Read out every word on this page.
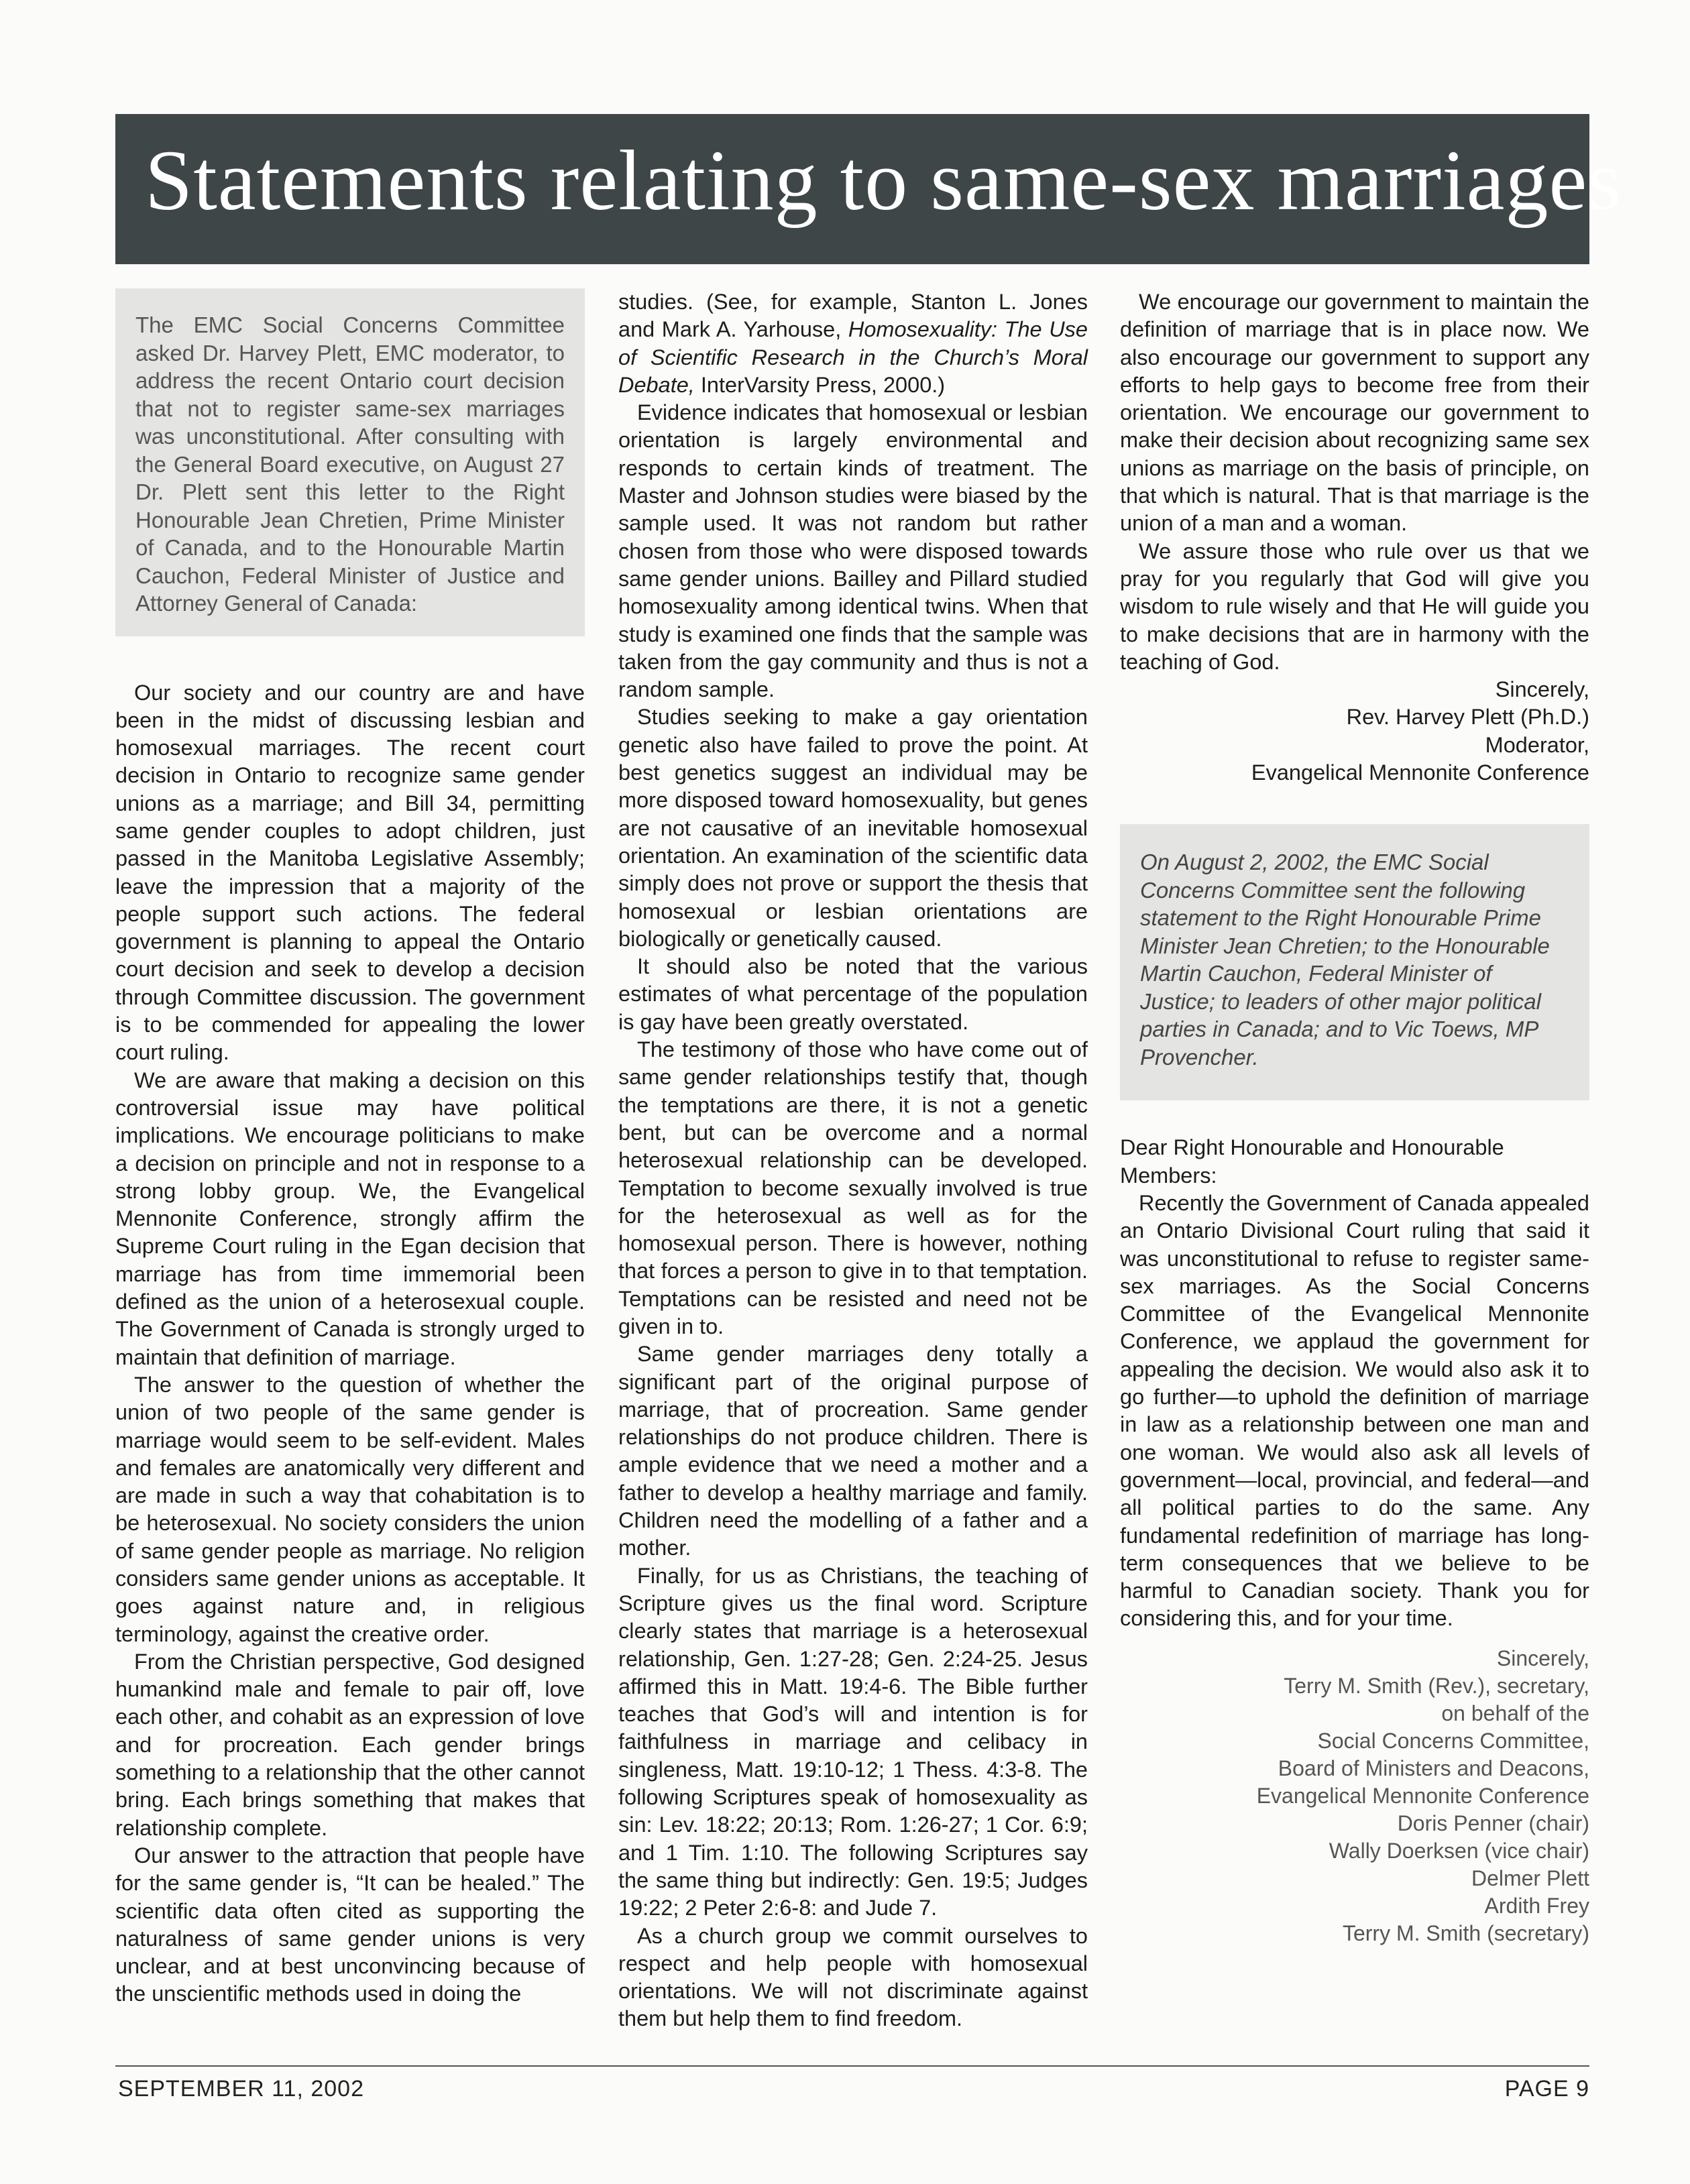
Statements relating to same-sex marriages

The EMC Social Concerns Committee asked Dr. Harvey Plett, EMC moderator, to address the recent Ontario court decision that not to register same-sex marriages was unconstitutional. After consulting with the General Board executive, on August 27 Dr. Plett sent this letter to the Right Honourable Jean Chretien, Prime Minister of Canada, and to the Honourable Martin Cauchon, Federal Minister of Justice and Attorney General of Canada:

Our society and our country are and have been in the midst of discussing lesbian and homosexual marriages. The recent court decision in Ontario to recognize same gender unions as a marriage; and Bill 34, permitting same gender couples to adopt children, just passed in the Manitoba Legislative Assembly; leave the impression that a majority of the people support such actions. The federal government is planning to appeal the Ontario court decision and seek to develop a decision through Committee discussion. The government is to be commended for appealing the lower court ruling.

We are aware that making a decision on this controversial issue may have political implications. We encourage politicians to make a decision on principle and not in response to a strong lobby group. We, the Evangelical Mennonite Conference, strongly affirm the Supreme Court ruling in the Egan decision that marriage has from time immemorial been defined as the union of a heterosexual couple. The Government of Canada is strongly urged to maintain that definition of marriage.

The answer to the question of whether the union of two people of the same gender is marriage would seem to be self-evident. Males and females are anatomically very different and are made in such a way that cohabitation is to be heterosexual. No society considers the union of same gender people as marriage. No religion considers same gender unions as acceptable. It goes against nature and, in religious terminology, against the creative order.

From the Christian perspective, God designed humankind male and female to pair off, love each other, and cohabit as an expression of love and for procreation. Each gender brings something to a relationship that the other cannot bring. Each brings something that makes that relationship complete.

Our answer to the attraction that people have for the same gender is, “It can be healed.” The scientific data often cited as supporting the naturalness of same gender unions is very unclear, and at best unconvincing because of the unscientific methods used in doing the

studies. (See, for example, Stanton L. Jones and Mark A. Yarhouse, Homosexuality: The Use of Scientific Research in the Church’s Moral Debate, InterVarsity Press, 2000.)

Evidence indicates that homosexual or lesbian orientation is largely environmental and responds to certain kinds of treatment. The Master and Johnson studies were biased by the sample used. It was not random but rather chosen from those who were disposed towards same gender unions. Bailley and Pillard studied homosexuality among identical twins. When that study is examined one finds that the sample was taken from the gay community and thus is not a random sample.

Studies seeking to make a gay orientation genetic also have failed to prove the point. At best genetics suggest an individual may be more disposed toward homosexuality, but genes are not causative of an inevitable homosexual orientation. An examination of the scientific data simply does not prove or support the thesis that homosexual or lesbian orientations are biologically or genetically caused.

It should also be noted that the various estimates of what percentage of the population is gay have been greatly overstated.

The testimony of those who have come out of same gender relationships testify that, though the temptations are there, it is not a genetic bent, but can be overcome and a normal heterosexual relationship can be developed. Temptation to become sexually involved is true for the heterosexual as well as for the homosexual person. There is however, nothing that forces a person to give in to that temptation. Temptations can be resisted and need not be given in to.

Same gender marriages deny totally a significant part of the original purpose of marriage, that of procreation. Same gender relationships do not produce children. There is ample evidence that we need a mother and a father to develop a healthy marriage and family. Children need the modelling of a father and a mother.

Finally, for us as Christians, the teaching of Scripture gives us the final word. Scripture clearly states that marriage is a heterosexual relationship, Gen. 1:27-28; Gen. 2:24-25. Jesus affirmed this in Matt. 19:4-6. The Bible further teaches that God’s will and intention is for faithfulness in marriage and celibacy in singleness, Matt. 19:10-12; 1 Thess. 4:3-8. The following Scriptures speak of homosexuality as sin: Lev. 18:22; 20:13; Rom. 1:26-27; 1 Cor. 6:9; and 1 Tim. 1:10. The following Scriptures say the same thing but indirectly: Gen. 19:5; Judges 19:22; 2 Peter 2:6-8: and Jude 7.

As a church group we commit ourselves to respect and help people with homosexual orientations. We will not discriminate against them but help them to find freedom.

We encourage our government to maintain the definition of marriage that is in place now. We also encourage our government to support any efforts to help gays to become free from their orientation. We encourage our government to make their decision about recognizing same sex unions as marriage on the basis of principle, on that which is natural. That is that marriage is the union of a man and a woman.

We assure those who rule over us that we pray for you regularly that God will give you wisdom to rule wisely and that He will guide you to make decisions that are in harmony with the teaching of God.

Sincerely,
Rev. Harvey Plett (Ph.D.)
Moderator,
Evangelical Mennonite Conference

On August 2, 2002, the EMC Social Concerns Committee sent the following statement to the Right Honourable Prime Minister Jean Chretien; to the Honourable Martin Cauchon, Federal Minister of Justice; to leaders of other major political parties in Canada; and to Vic Toews, MP Provencher.

Dear Right Honourable and Honourable Members:

Recently the Government of Canada appealed an Ontario Divisional Court ruling that said it was unconstitutional to refuse to register same-sex marriages. As the Social Concerns Committee of the Evangelical Mennonite Conference, we applaud the government for appealing the decision. We would also ask it to go further—to uphold the definition of marriage in law as a relationship between one man and one woman. We would also ask all levels of government—local, provincial, and federal—and all political parties to do the same. Any fundamental redefinition of marriage has long-term consequences that we believe to be harmful to Canadian society. Thank you for considering this, and for your time.

Sincerely,
Terry M. Smith (Rev.), secretary,
on behalf of the
Social Concerns Committee,
Board of Ministers and Deacons,
Evangelical Mennonite Conference
Doris Penner (chair)
Wally Doerksen (vice chair)
Delmer Plett
Ardith Frey
Terry M. Smith (secretary)
SEPTEMBER 11, 2002	PAGE 9
